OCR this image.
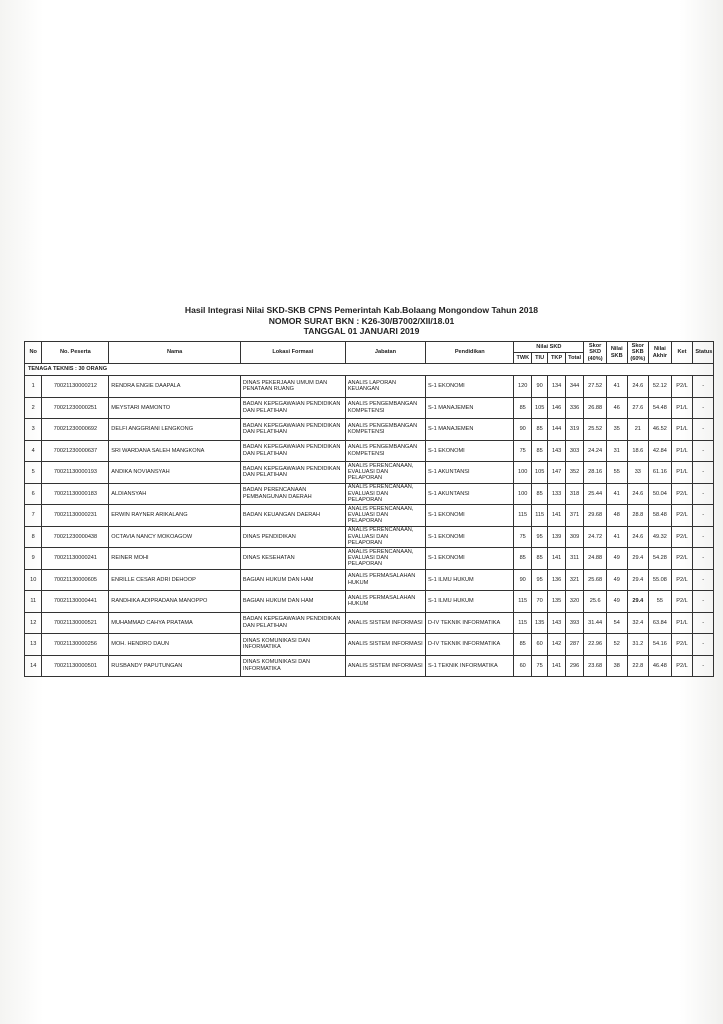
Hasil Integrasi Nilai SKD-SKB CPNS Pemerintah Kab.Bolaang Mongondow Tahun 2018
NOMOR SURAT BKN : K26-30/B7002/XII/18.01
TANGGAL 01 JANUARI 2019
No	No. Peserta	Nama	Lokasi Formasi	Jabatan	Pendidikan	Nilai SKD				Skor SKD (40%)	Nilai SKB	Skor SKB (60%)	Nilai Akhir	Ket	Status
						TWK	TIU	TKP	Total						
TENAGA TEKNIS : 30 ORANG															
1	70021130000212	RENDRA ENGIE DAAPALA	DINAS PEKERJAAN UMUM DAN PENATAAN RUANG	ANALIS LAPORAN KEUANGAN	S-1 EKONOMI	120	90	134	344	27.52	41	24.6	52.12	P2/L	-
2	70021230000251	MEYSTARI MAMONTO	BADAN KEPEGAWAIAN PENDIDIKAN DAN PELATIHAN	ANALIS PENGEMBANGAN KOMPETENSI	S-1 MANAJEMEN	85	105	146	336	26.88	46	27.6	54.48	P1/L	-
3	70021230000692	DELFI ANGGRIANI LENGKONG	BADAN KEPEGAWAIAN PENDIDIKAN DAN PELATIHAN	ANALIS PENGEMBANGAN KOMPETENSI	S-1 MANAJEMEN	90	85	144	319	25.52	35	21	46.52	P1/L	-
4	70021230000637	SRI WARDANA SALEH MANGKONA	BADAN KEPEGAWAIAN PENDIDIKAN DAN PELATIHAN	ANALIS PENGEMBANGAN KOMPETENSI	S-1 EKONOMI	75	85	143	303	24.24	31	18.6	42.84	P1/L	-
5	70021130000193	ANDIKA NOVIANSYAH	BADAN KEPEGAWAIAN PENDIDIKAN DAN PELATIHAN	ANALIS PERENCANAAN, EVALUASI DAN PELAPORAN	S-1 AKUNTANSI	100	105	147	352	28.16	55	33	61.16	P1/L	-
6	70021130000183	ALDIANSYAH	BADAN PERENCANAAN PEMBANGUNAN DAERAH	ANALIS PERENCANAAN, EVALUASI DAN PELAPORAN	S-1 AKUNTANSI	100	85	133	318	25.44	41	24.6	50.04	P2/L	-
7	70021130000231	ERWIN RAYNER ARIKALANG	BADAN KEUANGAN DAERAH	ANALIS PERENCANAAN, EVALUASI DAN PELAPORAN	S-1 EKONOMI	115	115	141	371	29.68	48	28.8	58.48	P2/L	-
8	70021230000438	OCTAVIA NANCY MOKOAGOW	DINAS PENDIDIKAN	ANALIS PERENCANAAN, EVALUASI DAN PELAPORAN	S-1 EKONOMI	75	95	139	309	24.72	41	24.6	49.32	P2/L	-
9	70021130000241	REINER MOHI	DINAS KESEHATAN	ANALIS PERENCANAAN, EVALUASI DAN PELAPORAN	S-1 EKONOMI	85	85	141	311	24.88	49	29.4	54.28	P2/L	-
10	70021130000605	ENRILLE CESAR ADRI DEHOOP	BAGIAN HUKUM DAN HAM	ANALIS PERMASALAHAN HUKUM	S-1 ILMU HUKUM	90	95	136	321	25.68	49	29.4	55.08	P2/L	-
11	70021130000441	RANDHIKA ADIPRADANA MANOPPO	BAGIAN HUKUM DAN HAM	ANALIS PERMASALAHAN HUKUM	S-1 ILMU HUKUM	115	70	135	320	25.6	49	29.4	55	P2/L	-
12	70021130000521	MUHAMMAD CAHYA PRATAMA	BADAN KEPEGAWAIAN PENDIDIKAN DAN PELATIHAN	ANALIS SISTEM INFORMASI	D-IV TEKNIK INFORMATIKA	115	135	143	393	31.44	54	32.4	63.84	P1/L	-
13	70021130000256	MOH. HENDRO DAUN	DINAS KOMUNIKASI DAN INFORMATIKA	ANALIS SISTEM INFORMASI	D-IV TEKNIK INFORMATIKA	85	60	142	287	22.96	52	31.2	54.16	P2/L	-
14	70021130000501	RUSBANDY PAPUTUNGAN	DINAS KOMUNIKASI DAN INFORMATIKA	ANALIS SISTEM INFORMASI	S-1 TEKNIK INFORMATIKA	60	75	141	296	23.68	38	22.8	46.48	P2/L	-
